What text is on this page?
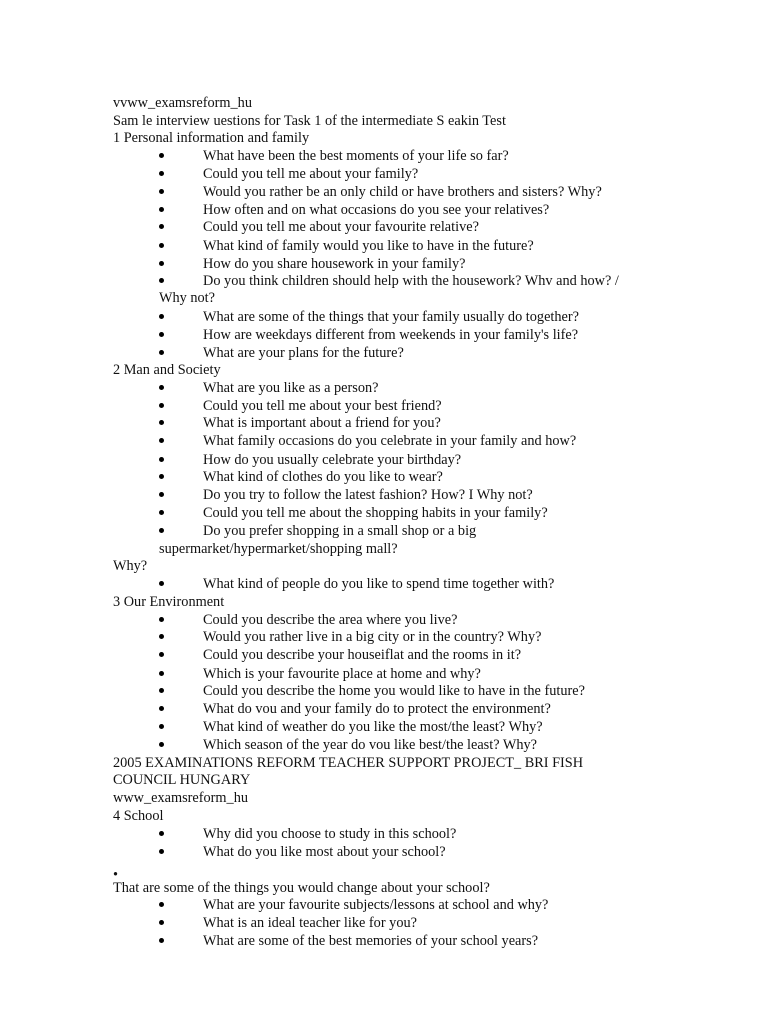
vvww_examsreform_hu
Sam le interview uestions for Task 1 of the intermediate S eakin Test
1 Personal information and family
What have been the best moments of your life so far?
Could you tell me about your family?
Would you rather be an only child or have brothers and sisters? Why?
How often and on what occasions do you see your relatives?
Could you tell me about your favourite relative?
What kind of family would you like to have in the future?
How do you share housework in your family?
Do you think children should help with the housework? Whv and how? /
Why not?
What are some of the things that your family usually do together?
How are weekdays different from weekends in your family's life?
What are your plans for the future?
2 Man and Society
What are you like as a person?
Could you tell me about your best friend?
What is important about a friend for you?
What family occasions do you celebrate in your family and how?
How do you usually celebrate your birthday?
What kind of clothes do you like to wear?
Do you try to follow the latest fashion? How? I Why not?
Could you tell me about the shopping habits in your family?
Do you prefer shopping in a small shop or a big
supermarket/hypermarket/shopping mall?
Why?
What kind of people do you like to spend time together with?
3 Our Environment
Could you describe the area where you live?
Would you rather live in a big city or in the country? Why?
Could you describe your houseiflat and the rooms in it?
Which is your favourite place at home and why?
Could you describe the home you would like to have in the future?
What do vou and your family do to protect the environment?
What kind of weather do you like the most/the least? Why?
Which season of the year do vou like best/the least? Why?
2005 EXAMINATIONS REFORM TEACHER SUPPORT PROJECT_ BRI FISH
COUNCIL HUNGARY
www_examsreform_hu
4 School
Why did you choose to study in this school?
What do you like most about your school?
•
That are some of the things you would change about your school?
What are your favourite subjects/lessons at school and why?
What is an ideal teacher like for you?
What are some of the best memories of your school years?
